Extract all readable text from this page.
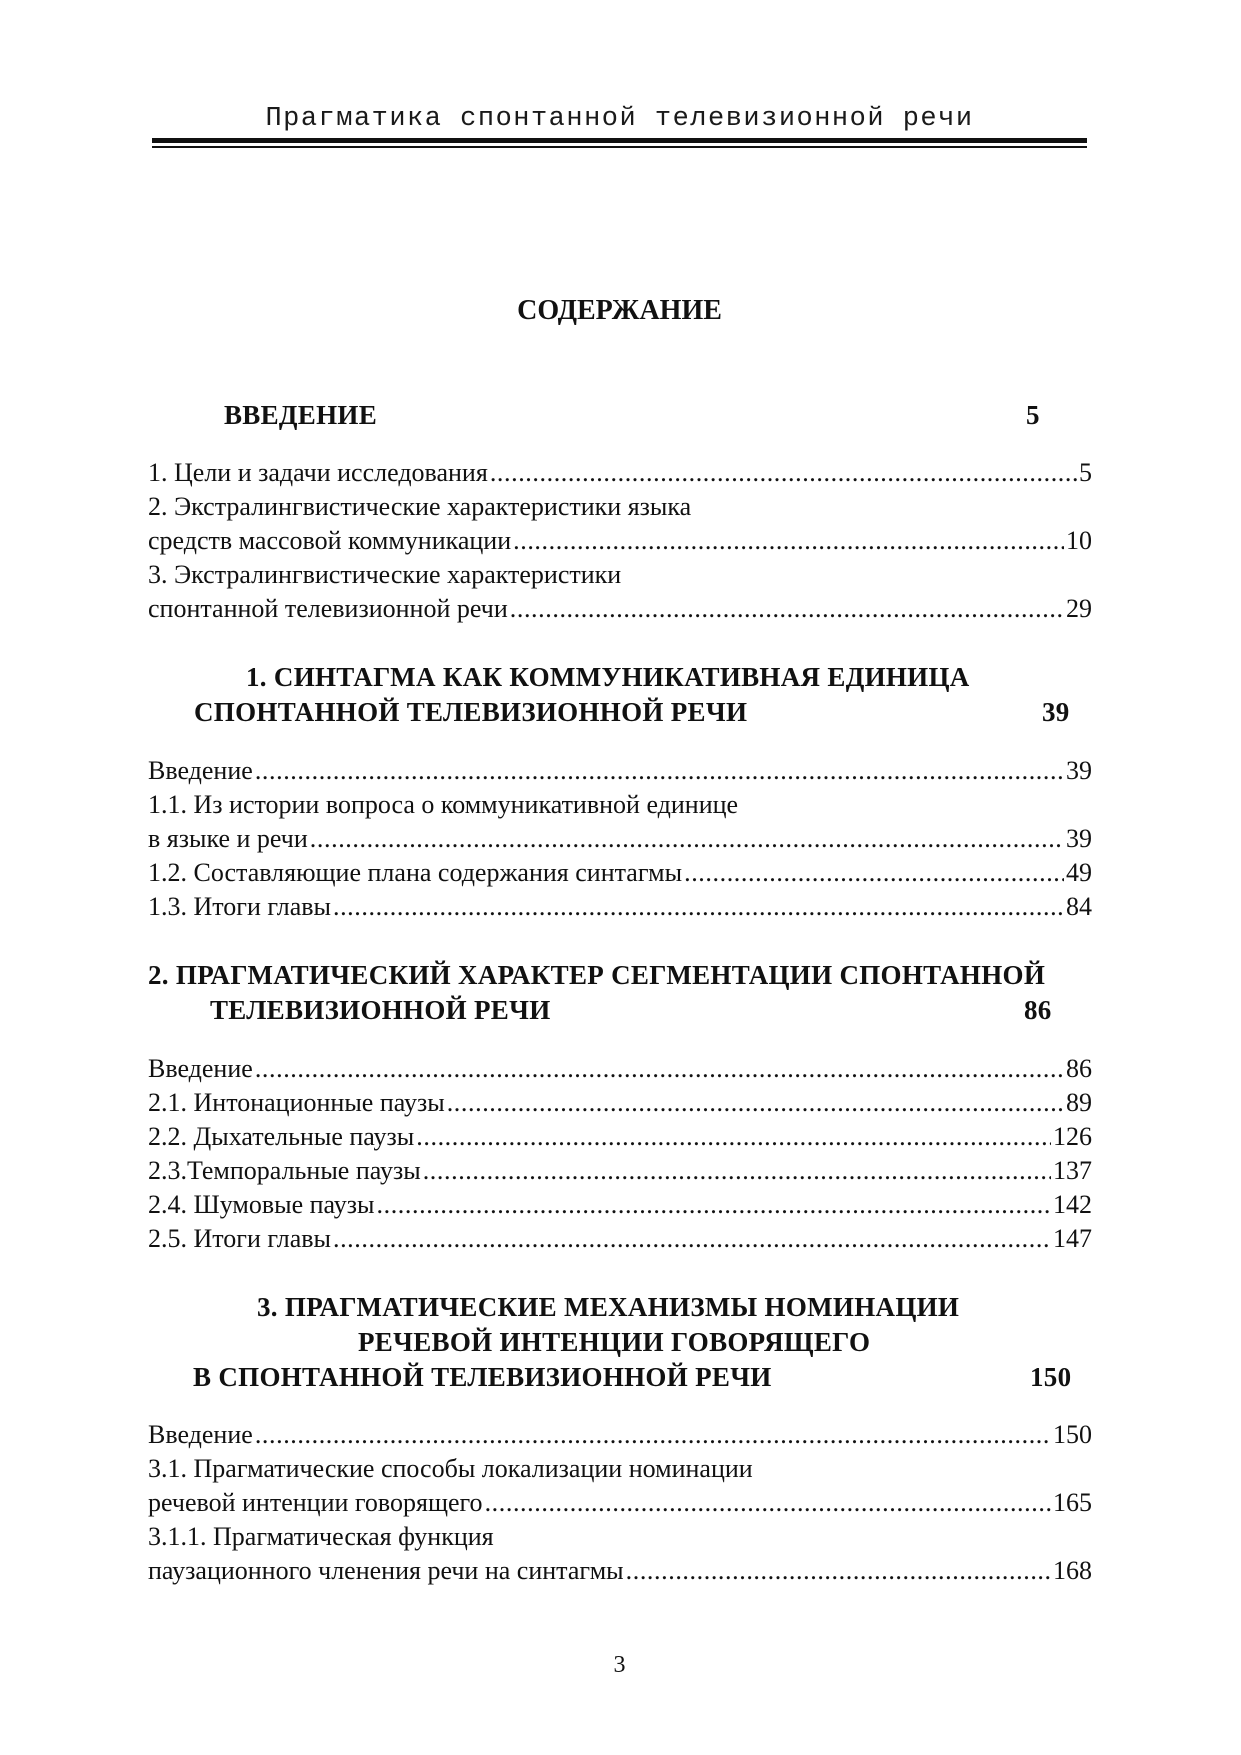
Прагматика спонтанной телевизионной речи
СОДЕРЖАНИЕ
ВВЕДЕНИЕ	5
1. Цели и задачи исследования .....	5
2. Экстралингвистические характеристики языка
средств массовой коммуникации .....	10
3. Экстралингвистические характеристики
спонтанной телевизионной речи .....	29
1. СИНТАГМА КАК КОММУНИКАТИВНАЯ ЕДИНИЦА
СПОНТАННОЙ ТЕЛЕВИЗИОННОЙ РЕЧИ	39
Введение .....	39
1.1. Из истории вопроса о коммуникативной единице
в языке и речи .....	39
1.2. Составляющие плана содержания синтагмы .....	49
1.3. Итоги главы .....	84
2. ПРАГМАТИЧЕСКИЙ ХАРАКТЕР СЕГМЕНТАЦИИ СПОНТАННОЙ
ТЕЛЕВИЗИОННОЙ РЕЧИ	86
Введение .....	86
2.1. Интонационные паузы .....	89
2.2. Дыхательные паузы .....	126
2.3.Темпоральные паузы .....	137
2.4. Шумовые паузы .....	142
2.5. Итоги главы .....	147
3. ПРАГМАТИЧЕСКИЕ МЕХАНИЗМЫ НОМИНАЦИИ
РЕЧЕВОЙ ИНТЕНЦИИ ГОВОРЯЩЕГО
В СПОНТАННОЙ ТЕЛЕВИЗИОННОЙ РЕЧИ	150
Введение .....	150
3.1. Прагматические способы локализации номинации
речевой интенции говорящего .....	165
3.1.1. Прагматическая функция
паузационного членения речи на синтагмы .....	168
3
